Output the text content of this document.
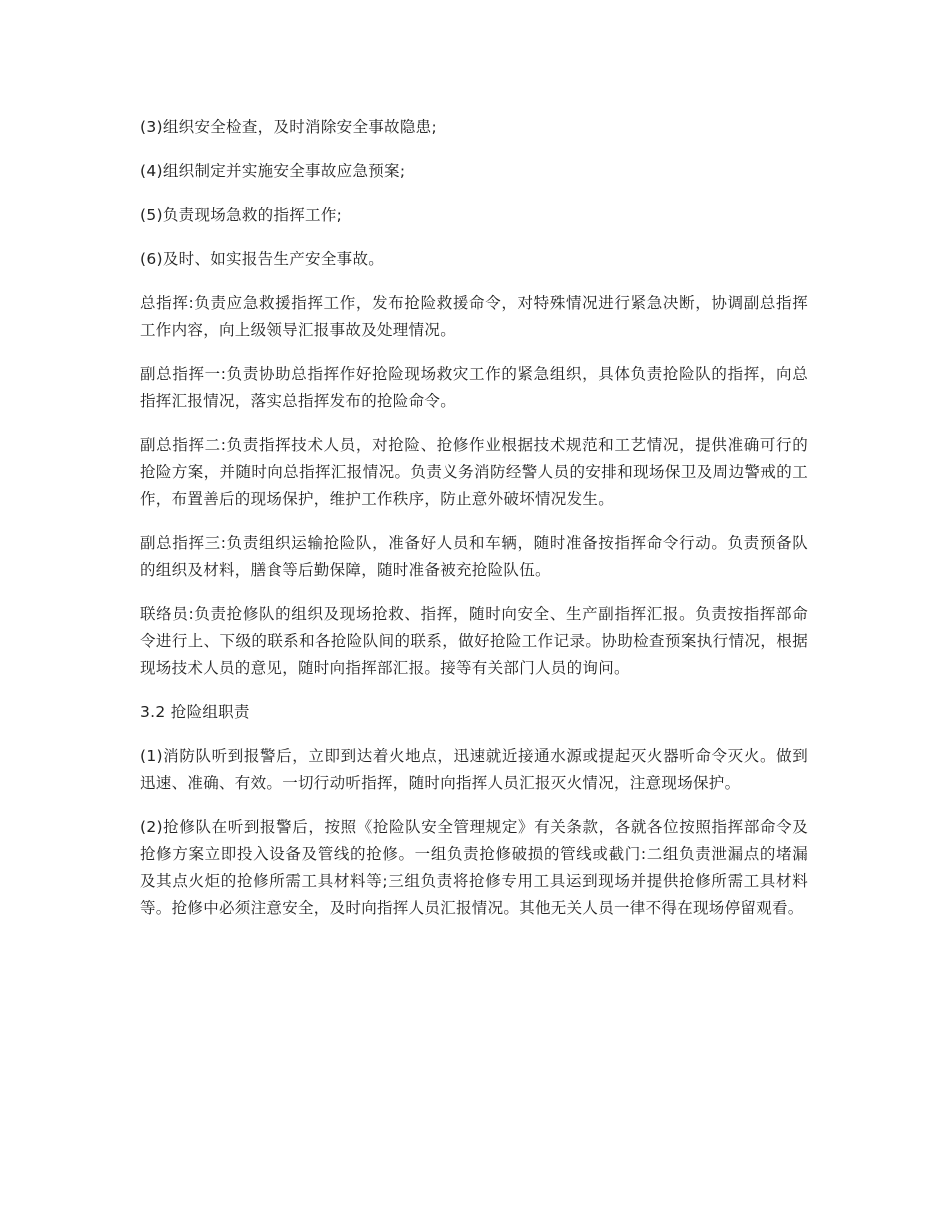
(3)组织安全检查，及时消除安全事故隐患;

(4)组织制定并实施安全事故应急预案;

(5)负责现场急救的指挥工作;

(6)及时、如实报告生产安全事故。

总指挥:负责应急救援指挥工作，发布抢险救援命令，对特殊情况进行紧急决断，协调副总指挥工作内容，向上级领导汇报事故及处理情况。

副总指挥一:负责协助总指挥作好抢险现场救灾工作的紧急组织，具体负责抢险队的指挥，向总指挥汇报情况，落实总指挥发布的抢险命令。

副总指挥二:负责指挥技术人员，对抢险、抢修作业根据技术规范和工艺情况，提供准确可行的抢险方案，并随时向总指挥汇报情况。负责义务消防经警人员的安排和现场保卫及周边警戒的工作，布置善后的现场保护，维护工作秩序，防止意外破坏情况发生。

副总指挥三:负责组织运输抢险队，准备好人员和车辆，随时准备按指挥命令行动。负责预备队的组织及材料，膳食等后勤保障，随时准备被充抢险队伍。

联络员:负责抢修队的组织及现场抢救、指挥，随时向安全、生产副指挥汇报。负责按指挥部命令进行上、下级的联系和各抢险队间的联系，做好抢险工作记录。协助检查预案执行情况，根据现场技术人员的意见，随时向指挥部汇报。接等有关部门人员的询问。

3.2 抢险组职责

(1)消防队听到报警后，立即到达着火地点，迅速就近接通水源或提起灭火器听命令灭火。做到迅速、准确、有效。一切行动听指挥，随时向指挥人员汇报灭火情况，注意现场保护。

(2)抢修队在听到报警后，按照《抢险队安全管理规定》有关条款，各就各位按照指挥部命令及抢修方案立即投入设备及管线的抢修。一组负责抢修破损的管线或截门:二组负责泄漏点的堵漏及其点火炬的抢修所需工具材料等;三组负责将抢修专用工具运到现场并提供抢修所需工具材料等。抢修中必须注意安全，及时向指挥人员汇报情况。其他无关人员一律不得在现场停留观看。
